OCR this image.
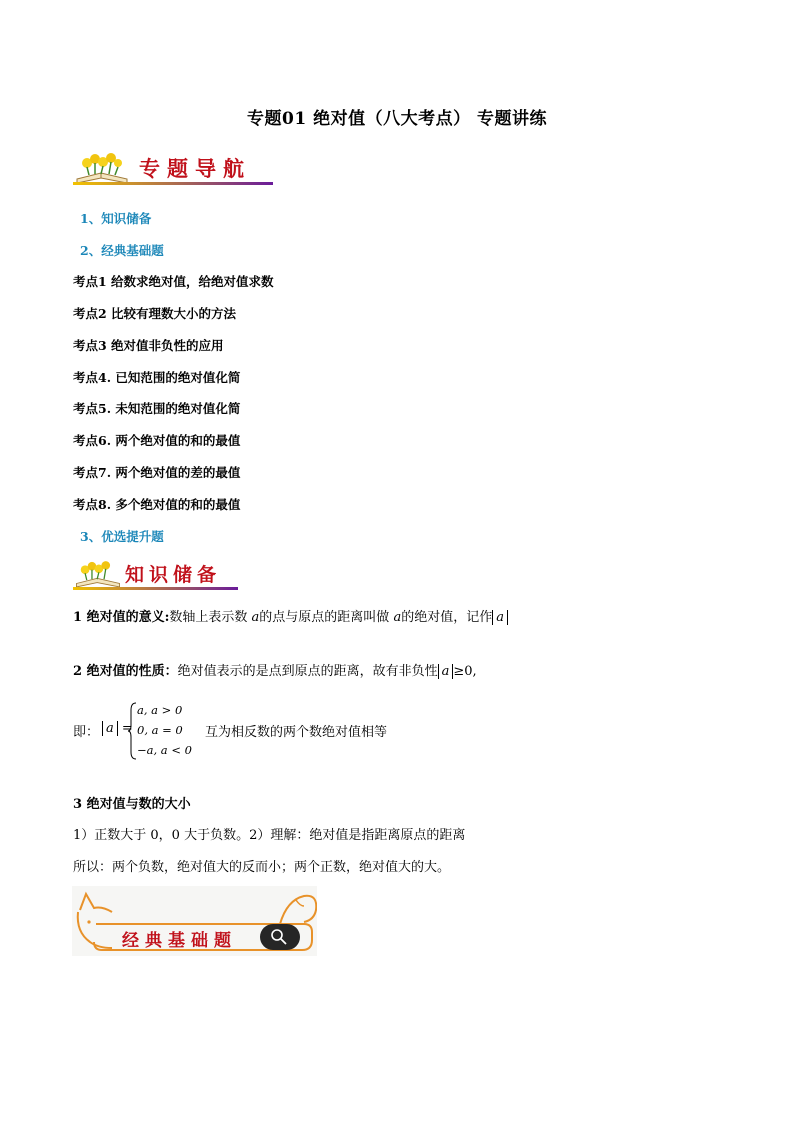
专题01 绝对值（八大考点） 专题讲练
专题导航
1、知识储备
2、经典基础题
考点1 给数求绝对值，给绝对值求数
考点2 比较有理数大小的方法
考点3 绝对值非负性的应用
考点4. 已知范围的绝对值化简
考点5. 未知范围的绝对值化简
考点6. 两个绝对值的和的最值
考点7. 两个绝对值的差的最值
考点8. 多个绝对值的和的最值
3、优选提升题
知识储备
1 绝对值的意义:数轴上表示数 a的点与原点的距离叫做 a的绝对值，记作 a
2 绝对值的性质：绝对值表示的是点到原点的距离，故有非负性 a ≥0,
即： a =
a, a > 0
0, a = 0
−a, a < 0
互为相反数的两个数绝对值相等
3 绝对值与数的大小
1）正数大于 0，0 大于负数。2）理解：绝对值是指距离原点的距离
所以：两个负数，绝对值大的反而小；两个正数，绝对值大的大。
经典基础题
